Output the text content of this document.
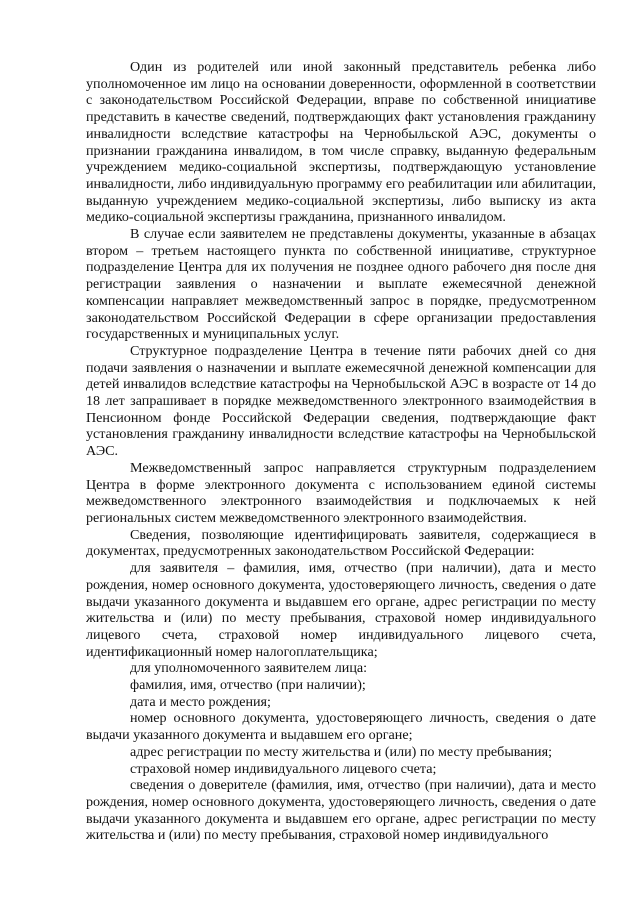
Один из родителей или иной законный представитель ребенка либо уполномоченное им лицо на основании доверенности, оформленной в соответствии с законодательством Российской Федерации, вправе по собственной инициативе представить в качестве сведений, подтверждающих факт установления гражданину инвалидности вследствие катастрофы на Чернобыльской АЭС, документы о признании гражданина инвалидом, в том числе справку, выданную федеральным учреждением медико-социальной экспертизы, подтверждающую установление инвалидности, либо индивидуальную программу его реабилитации или абилитации, выданную учреждением медико-социальной экспертизы, либо выписку из акта медико-социальной экспертизы гражданина, признанного инвалидом.

В случае если заявителем не представлены документы, указанные в абзацах втором – третьем настоящего пункта по собственной инициативе, структурное подразделение Центра для их получения не позднее одного рабочего дня после дня регистрации заявления о назначении и выплате ежемесячной денежной компенсации направляет межведомственный запрос в порядке, предусмотренном законодательством Российской Федерации в сфере организации предоставления государственных и муниципальных услуг.

Структурное подразделение Центра в течение пяти рабочих дней со дня подачи заявления о назначении и выплате ежемесячной денежной компенсации для детей инвалидов вследствие катастрофы на Чернобыльской АЭС в возрасте от 14 до 18 лет запрашивает в порядке межведомственного электронного взаимодействия в Пенсионном фонде Российской Федерации сведения, подтверждающие факт установления гражданину инвалидности вследствие катастрофы на Чернобыльской АЭС.

Межведомственный запрос направляется структурным подразделением Центра в форме электронного документа с использованием единой системы межведомственного электронного взаимодействия и подключаемых к ней региональных систем межведомственного электронного взаимодействия.

Сведения, позволяющие идентифицировать заявителя, содержащиеся в документах, предусмотренных законодательством Российской Федерации:

для заявителя – фамилия, имя, отчество (при наличии), дата и место рождения, номер основного документа, удостоверяющего личность, сведения о дате выдачи указанного документа и выдавшем его органе, адрес регистрации по месту жительства и (или) по месту пребывания, страховой номер индивидуального лицевого счета, страховой номер индивидуального лицевого счета, идентификационный номер налогоплательщика;

для уполномоченного заявителем лица:

фамилия, имя, отчество (при наличии);

дата и место рождения;

номер основного документа, удостоверяющего личность, сведения о дате выдачи указанного документа и выдавшем его органе;

адрес регистрации по месту жительства и (или) по месту пребывания;

страховой номер индивидуального лицевого счета;

сведения о доверителе (фамилия, имя, отчество (при наличии), дата и место рождения, номер основного документа, удостоверяющего личность, сведения о дате выдачи указанного документа и выдавшем его органе, адрес регистрации по месту жительства и (или) по месту пребывания, страховой номер индивидуального
